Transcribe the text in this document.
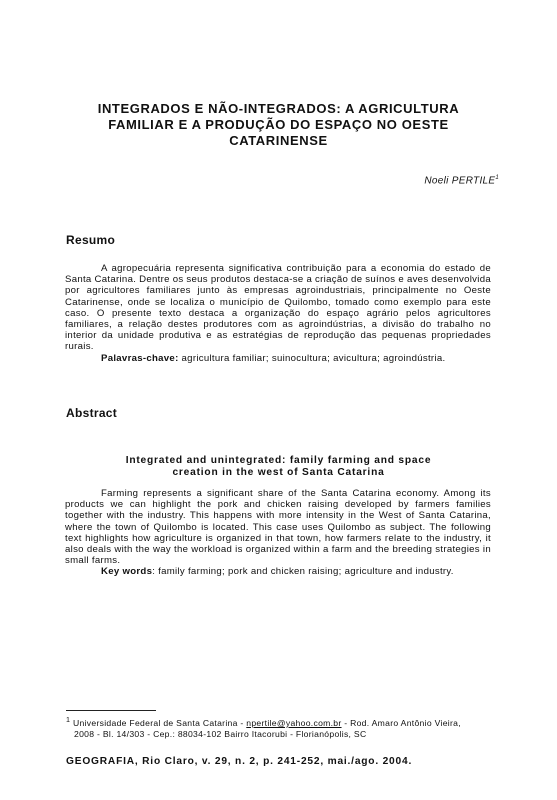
INTEGRADOS E NÃO-INTEGRADOS: A AGRICULTURA
FAMILIAR E A PRODUÇÃO DO ESPAÇO NO OESTE
CATARINENSE
Noeli PERTILE$^1$
Resumo

A agropecuária representa significativa contribuição para a economia do estado de Santa Catarina. Dentre os seus produtos destaca-se a criação de suínos e aves desenvolvida por agricultores familiares junto às empresas agroindustriais, principalmente no Oeste Catarinense, onde se localiza o município de Quilombo, tomado como exemplo para este caso. O presente texto destaca a organização do espaço agrário pelos agricultores familiares, a relação destes produtores com as agroindústrias, a divisão do trabalho no interior da unidade produtiva e as estratégias de reprodução das pequenas propriedades rurais.

Palavras-chave: agricultura familiar; suinocultura; avicultura; agroindústria.

Abstract
Integrated and unintegrated: family farming and space
creation in the west of Santa Catarina

Farming represents a significant share of the Santa Catarina economy. Among its products we can highlight the pork and chicken raising developed by farmers families together with the industry. This happens with more intensity in the West of Santa Catarina, where the town of Quilombo is located. This case uses Quilombo as subject. The following text highlights how agriculture is organized in that town, how farmers relate to the industry, it also deals with the way the workload is organized within a farm and the breeding strategies in small farms.

Key words: family farming; pork and chicken raising; agriculture and industry.

$^1$ Universidade Federal de Santa Catarina - npertile@yahoo.com.br - Rod. Amaro Antônio Vieira,
2008 - Bl. 14/303 - Cep.: 88034-102 Bairro Itacorubi - Florianópolis, SC
GEOGRAFIA, Rio Claro, v. 29, n. 2, p. 241-252, mai./ago. 2004.
